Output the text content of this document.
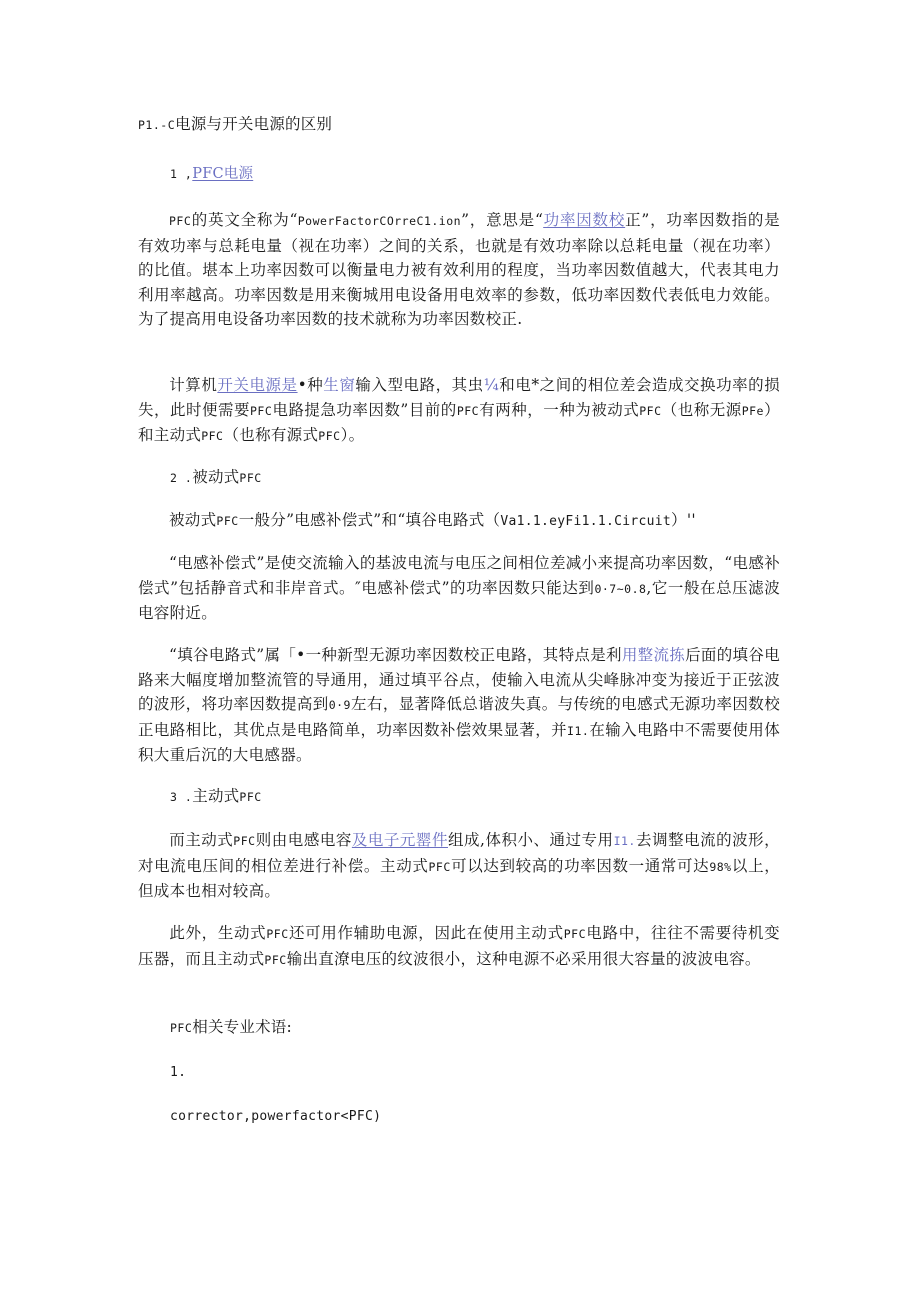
P1.-C电源与开关电源的区别
1 ,PFC电源
PFC的英文全称为“PowerFactorCOrreC1.ion”，意思是“功率因数校正”，功率因数指的是有效功率与总耗电量（视在功率）之间的关系，也就是有效功率除以总耗电量（视在功率）的比值。堪本上功率因数可以衡量电力被有效利用的程度，当功率因数值越大，代表其电力利用率越高。功率因数是用来衡城用电设备用电效率的参数，低功率因数代表低电力效能。为了提高用电设备功率因数的技术就称为功率因数校正.
计算机开关电源是•种生窗输入型电路，其虫¼和电*之间的相位差会造成交换功率的损失，此时便需要PFC电路提急功率因数”目前的PFC有两种，一种为被动式PFC（也称无源PFe）和主动式PFC（也称有源式PFC）。
2 .被动式PFC
被动式PFC一般分”电感补偿式”和“填谷电路式（Va1.1.eyFi1.1.Circuit）''
“电感补偿式”是使交流输入的基波电流与电压之间相位差减小来提高功率因数，“电感补偿式”包括静音式和非岸音式。″电感补偿式”的功率因数只能达到0·7~0.8,它一般在总压滤波电容附近。
“填谷电路式”属「•一种新型无源功率因数校正电路，其特点是利用整流拣后面的填谷电路来大幅度增加整流管的导通用，通过填平谷点，使输入电流从尖峰脉冲变为接近于正弦波的波形，将功率因数提高到0·9左右，显著降低总谐波失真。与传统的电感式无源功率因数校正电路相比，其优点是电路简单，功率因数补偿效果显著，并I1.在输入电路中不需要使用体积大重后沉的大电感器。
3 .主动式PFC
而主动式PFC则由电感电容及电子元罂件组成,体积小、通过专用I1.去调整电流的波形，对电流电压间的相位差进行补偿。主动式PFC可以达到较高的功率因数一通常可达98%以上，但成本也相对较高。
此外，生动式PFC还可用作辅助电源，因此在使用主动式PFC电路中，往往不需要待机变压器，而且主动式PFC输出直潦电压的纹波很小，这种电源不必采用很大容量的波波电容。
PFC相关专业术语:
1.
corrector,powerfactor<PFC)
